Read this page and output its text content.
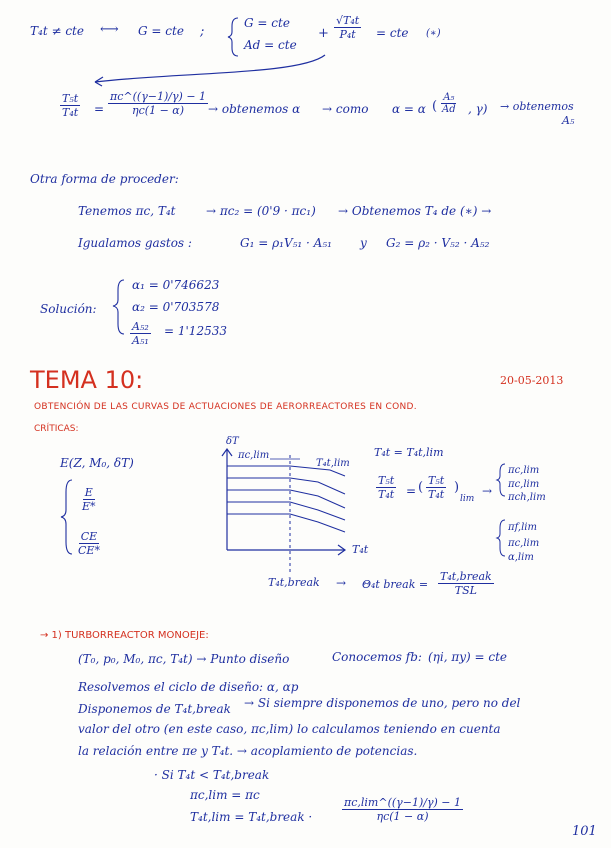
T₄t ≠ cte ⟷ G = cte ;
G = cte
Ad = cte
+ $\frac{\text{√T₄t}}{\text{P₄t}}$ = cte (∗)
$\frac{\text{T₅t}}{\text{T₄t}} = \frac{\pi c\^{}((\gamma-1)/\gamma) - 1}{\eta c(1 - \alpha)}$ → obtenemos α → como α = α ( $\frac{\text{A₅}}{Ad}$ , γ) → obtenemos
A₅
Otra forma de proceder:
Tenemos πc, T₄t	→ πc₂ = (0'9 · πc₁) → Obtenemos T₄ de (∗) →
Igualamos gastos :	G₁ = ρ₁V₅₁ · A₅₁ y G₂ = ρ₂ · V₅₂ · A₅₂
Solución:
α₁ = 0'746623
α₂ = 0'703578
$\frac{\text{A₅₂}}{\text{A₅₁}} = 1'12533$
TEMA 10:	20-05-2013
OBTENCIÓN DE LAS CURVAS DE ACTUACIONES DE AERORREACTORES EN COND.
CRÍTICAS:
E(Z, M₀, δT)
$\frac{E}{E*}$
$\frac{CE}{CE*}$
δT
T₄t
πc,lim
T₄t,lim
T₄t,break → Θ₄t break = $\frac{\text{T₄t,break}}{\text{TSL}}$
T₄t = T₄t,lim
$\frac{\text{T₅t}}{\text{T₄t}}$ = ( $\frac{\text{T₅t}}{\text{T₄t}}$ )
lim
→
πc,lim
πc,lim
πch,lim
πf,lim
πc,lim
α,lim
→ 1) TURBORREACTOR MONOEJE:
(T₀, p₀, M₀, πc, T₄t) → Punto diseño	Conocemos fb: (ηi, πy) = cte
Resolvemos el ciclo de diseño: α, αp
Disponemos de T₄t,break → Si siempre disponemos de uno, pero no del
valor del otro (en este caso, πc,lim) lo calculamos teniendo en cuenta
la relación entre πe y T₄t. → acoplamiento de potencias.
· Si T₄t < T₄t,break
πc,lim = πc
T₄t,lim = T₄t,break ·	$\frac{\pi c,\lim\^{}((\gamma-1)/\gamma) - 1}{\eta c(1 - \alpha)}$
101
